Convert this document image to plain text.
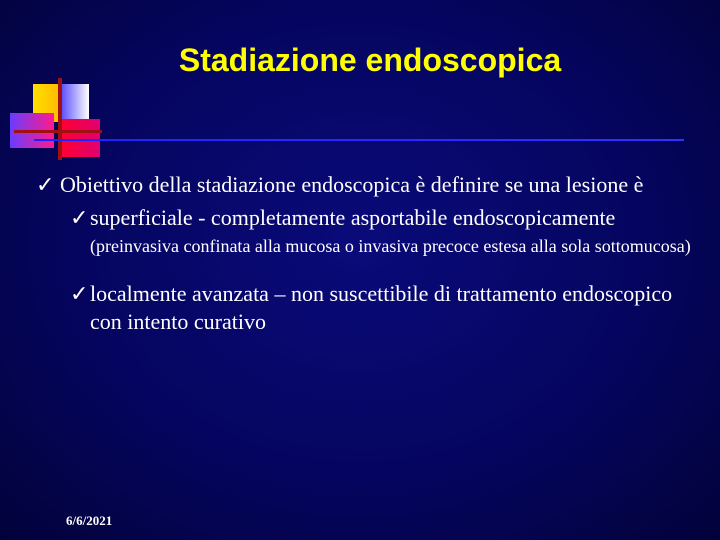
Stadiazione endoscopica

✓ Obiettivo della stadiazione endoscopica è definire se una lesione è

✓ superficiale - completamente asportabile endoscopicamente (preinvasiva confinata alla mucosa o invasiva precoce estesa alla sola sottomucosa)

✓ localmente avanzata – non suscettibile di trattamento endoscopico con intento curativo

6/6/2021
